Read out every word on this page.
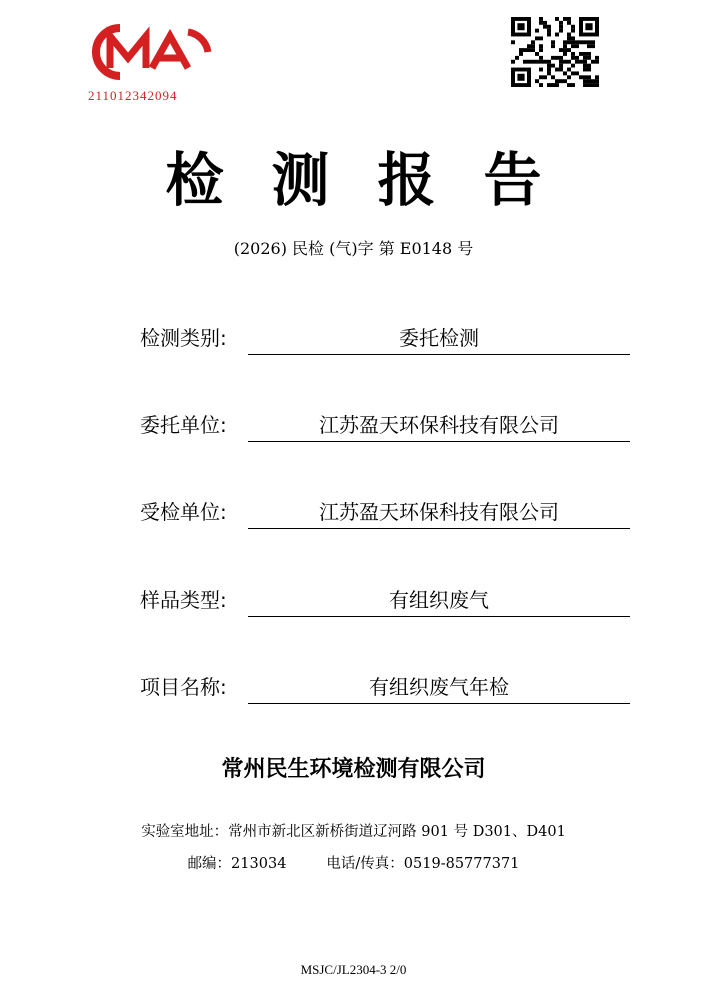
211012342094
检 测 报 告
(2026) 民检 (气)字 第 E0148 号
检测类别:	委托检测
委托单位:	江苏盈天环保科技有限公司
受检单位:	江苏盈天环保科技有限公司
样品类型:	有组织废气
项目名称:	有组织废气年检
常州民生环境检测有限公司
实验室地址：常州市新北区新桥街道辽河路 901 号 D301、D401
邮编：213034	电话/传真：0519-85777371
MSJC/JL2304-3 2/0
